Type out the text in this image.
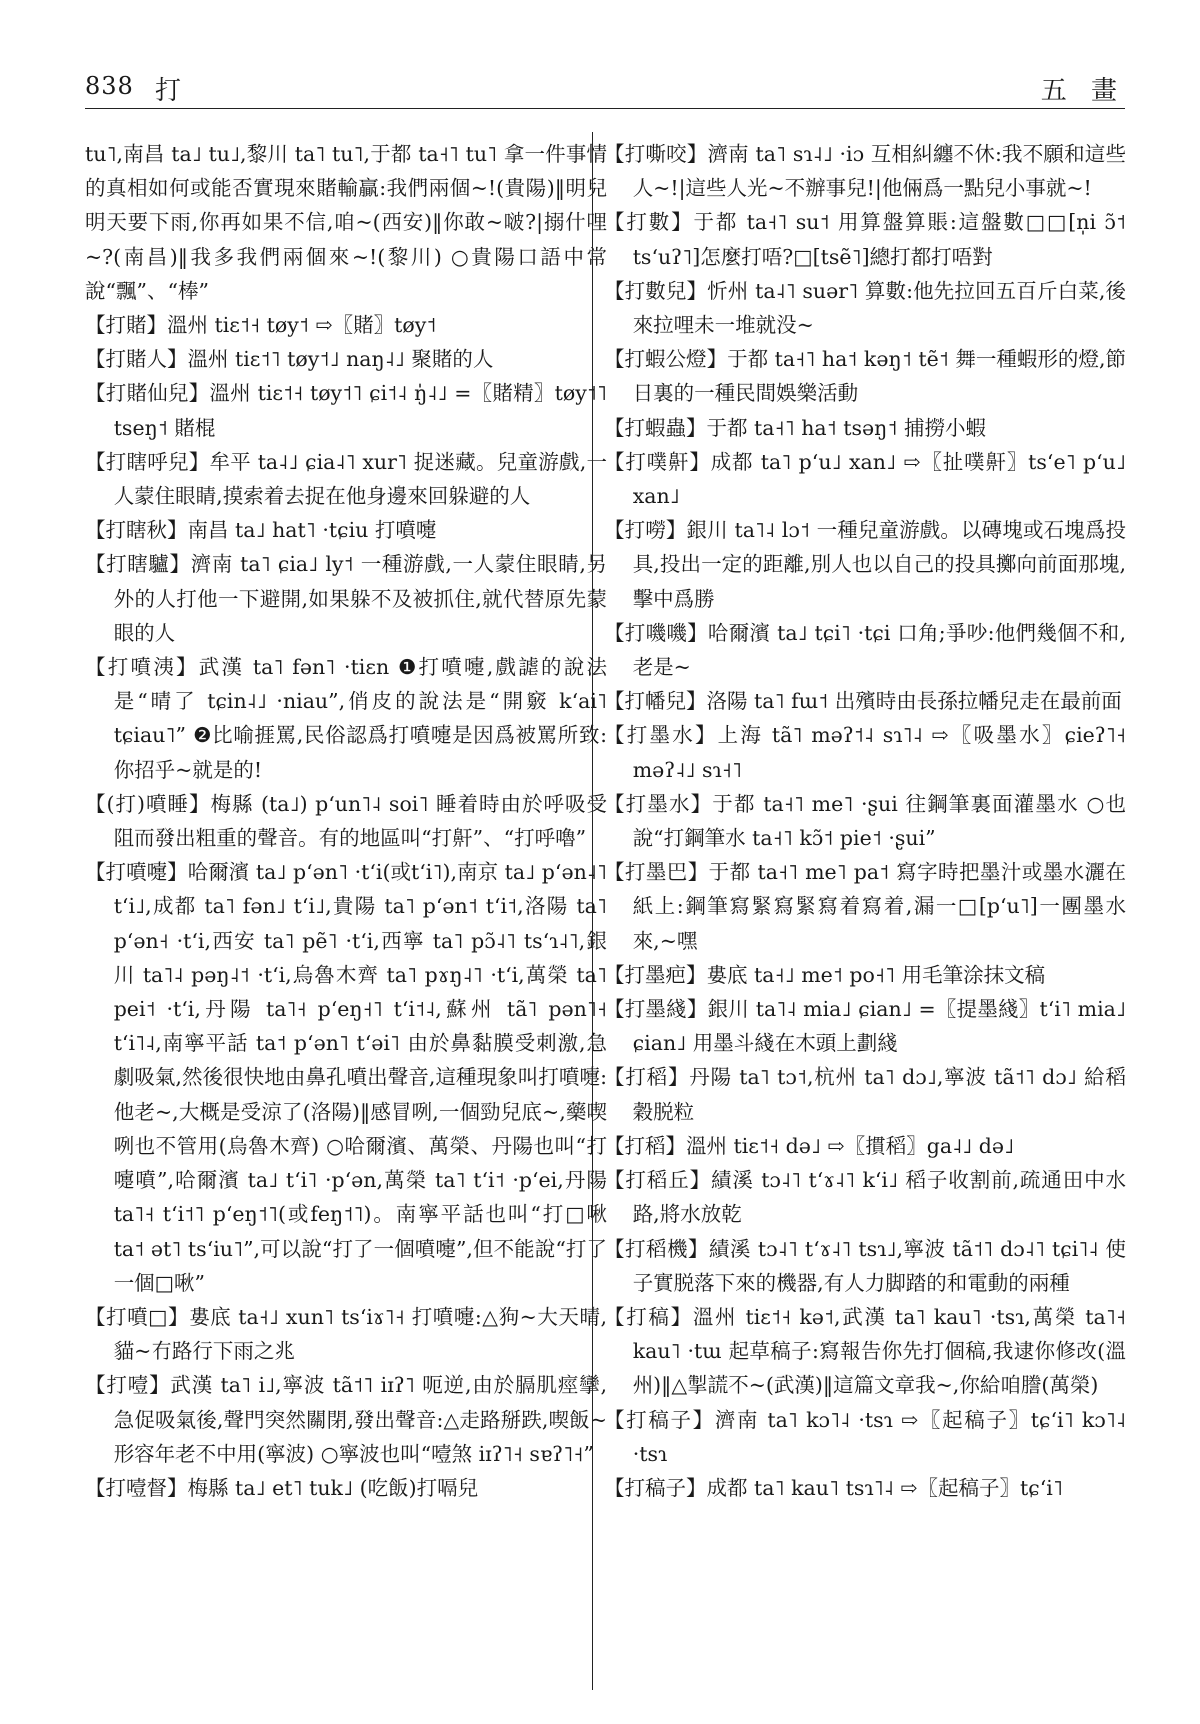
838 打	五 畫

tu˥,南昌 ta˩ tu˩,黎川 ta˥ tu˥,于都 ta˧˥ tu˥ 拿一件事情的真相如何或能否實現來賭輸贏:我們兩個~!(貴陽)‖明兒明天要下雨,你再如果不信,咱~(西安)‖你敢~啵?|搦什哩~?(南昌)‖我多我們兩個來~!(黎川) ○貴陽口語中常說“飄”、“棒”

【打賭】溫州 tiɛ˦˧ tøy˦ ⇨〖賭〗tøy˦

【打賭人】溫州 tiɛ˦˥ tøy˦˩ naŋ˨˩ 聚賭的人

【打賭仙兒】溫州 tiɛ˦˧ tøy˦˥ ɕi˦˨ ŋ̍˨˩ =〖賭精〗tøy˦˥ tseŋ˦ 賭棍

【打瞎呼兒】牟平 ta˨˩ ɕia˨˥ xur˥ 捉迷藏。兒童游戲,一人蒙住眼睛,摸索着去捉在他身邊來回躲避的人

【打瞎秋】南昌 ta˩ hat˥ ·tɕiu 打噴嚏

【打瞎驢】濟南 ta˥ ɕia˩ ly˦ 一種游戲,一人蒙住眼睛,另外的人打他一下避開,如果躲不及被抓住,就代替原先蒙眼的人

【打噴洟】武漢 ta˥ fən˥ ·tiɛn ❶打噴嚏,戲謔的說法是“晴了 tɕin˨˩ ·niau”,俏皮的說法是“開竅 kʻai˥ tɕiau˥” ❷比喻捱罵,民俗認爲打噴嚏是因爲被罵所致:你招乎~就是的!

【(打)噴睡】梅縣 (ta˩) pʻun˥˨ soi˥ 睡着時由於呼吸受阻而發出粗重的聲音。有的地區叫“打鼾”、“打呼嚕”

【打噴嚏】哈爾濱 ta˩ pʻən˥ ·tʻi(或tʻi˥),南京 ta˩ pʻən˨˥ tʻi˩,成都 ta˥ fən˩ tʻi˩,貴陽 ta˥ pʻən˦ tʻi˦,洛陽 ta˥ pʻən˧ ·tʻi,西安 ta˥ pẽ˥ ·tʻi,西寧 ta˥ pɔ̃˨˥ tsʻɿ˨˥,銀川 ta˥˨ pəŋ˨˦ ·tʻi,烏魯木齊 ta˥ pɤŋ˨˥ ·tʻi,萬榮 ta˥ pei˦ ·tʻi,丹陽 ta˥˧ pʻeŋ˧˥ tʻi˦˨,蘇州 tã˥ pən˥˧ tʻi˥˨,南寧平話 ta˦ pʻən˥ tʻəi˥ 由於鼻黏膜受刺激,急劇吸氣,然後很快地由鼻孔噴出聲音,這種現象叫打噴嚏:他老~,大概是受涼了(洛陽)‖感冒咧,一個勁兒底~,藥喫咧也不管用(烏魯木齊) ○哈爾濱、萬榮、丹陽也叫“打嚏噴”,哈爾濱 ta˩ tʻi˥ ·pʻən,萬榮 ta˥ tʻi˦ ·pʻei,丹陽 ta˥˧ tʻi˦˥ pʻeŋ˦˥(或feŋ˦˥)。南寧平話也叫“打□啾 ta˦ ət˥ tsʻiu˥”,可以說“打了一個噴嚏”,但不能說“打了一個□啾”

【打噴□】婁底 ta˧˩ xun˥ tsʻiɤ˥˧ 打噴嚏:△狗~大天晴,貓~冇路行下雨之兆

【打噎】武漢 ta˥ i˩,寧波 tã˦˥ iɪʔ˥ 呃逆,由於膈肌痙攣,急促吸氣後,聲門突然關閉,發出聲音:△走路掰跌,喫飯~形容年老不中用(寧波) ○寧波也叫“噎煞 iɪʔ˥˧ sɐʔ˥˧”

【打噎督】梅縣 ta˩ et˥ tuk˩ (吃飯)打嗝兒

【打嘶咬】濟南 ta˥ sɿ˨˩ ·iɔ 互相糾纏不休:我不願和這些人~!|這些人光~不辦事兒!|他倆爲一點兒小事就~!

【打數】于都 ta˧˥ su˦ 用算盤算賬:這盤數□□[n̩i ɔ̃˦ tsʻuʔ˥]怎麼打唔?□[tsẽ˥]總打都打唔對

【打數兒】忻州 ta˨˥ suər˥ 算數:他先拉回五百斤白菜,後來拉哩未一堆就没~

【打蝦公燈】于都 ta˧˥ ha˦ kəŋ˦ tẽ˦ 舞一種蝦形的燈,節日裏的一種民間娛樂活動

【打蝦蟲】于都 ta˧˥ ha˦ tsəŋ˦ 捕撈小蝦

【打噗鼾】成都 ta˥ pʻu˩ xan˩ ⇨〖扯噗鼾〗tsʻe˥ pʻu˩ xan˩

【打嘮】銀川 ta˥˨ lɔ˦ 一種兒童游戲。以磚塊或石塊爲投具,投出一定的距離,別人也以自己的投具擲向前面那塊,擊中爲勝

【打嘰嘰】哈爾濱 ta˩ tɕi˥ ·tɕi 口角;爭吵:他們幾個不和,老是~

【打幡兒】洛陽 ta˥ fɯ˦ 出殯時由長孫拉幡兒走在最前面

【打墨水】上海 tã˥ məʔ˦˨ sɿ˥˨ ⇨〖吸墨水〗ɕieʔ˥˧ məʔ˨˩ sɿ˧˥

【打墨水】于都 ta˧˥ me˥ ·ʂui 往鋼筆裏面灌墨水 ○也說“打鋼筆水 ta˧˥ kɔ̃˦ pie˦ ·ʂui”

【打墨巴】于都 ta˧˥ me˥ pa˦ 寫字時把墨汁或墨水灑在紙上:鋼筆寫緊寫緊寫着寫着,漏一□[pʻu˥]一團墨水來,~嘿

【打墨疤】婁底 ta˧˩ me˦ po˧˥ 用毛筆涂抹文稿

【打墨綫】銀川 ta˥˨ mia˩ ɕian˩ =〖提墨綫〗tʻi˥ mia˩ ɕian˩ 用墨斗綫在木頭上劃綫

【打稻】丹陽 ta˥ tɔ˦,杭州 ta˥ dɔ˩,寧波 tã˦˥ dɔ˩ 給稻穀脱粒

【打稻】溫州 tiɛ˦˧ də˩ ⇨〖摜稻〗ga˨˩ də˩

【打稻丘】績溪 tɔ˨˥ tʻɤ˨˥ kʻi˩ 稻子收割前,疏通田中水路,將水放乾

【打稻機】績溪 tɔ˨˥ tʻɤ˨˥ tsɿ˩,寧波 tã˦˥ dɔ˨˥ tɕi˥˨ 使子實脱落下來的機器,有人力脚踏的和電動的兩種

【打稿】溫州 tiɛ˦˧ kə˦,武漢 ta˥ kau˥ ·tsɿ,萬榮 ta˥˧ kau˥ ·tɯ 起草稿子:寫報告你先打個稿,我逮你修改(溫州)‖△掣謊不~(武漢)‖這篇文章我~,你給咱謄(萬榮)

【打稿子】濟南 ta˥ kɔ˥˨ ·tsɿ ⇨〖起稿子〗tɕʻi˥ kɔ˥˨ ·tsɿ

【打稿子】成都 ta˥ kau˥ tsɿ˥˨ ⇨〖起稿子〗tɕʻi˥
